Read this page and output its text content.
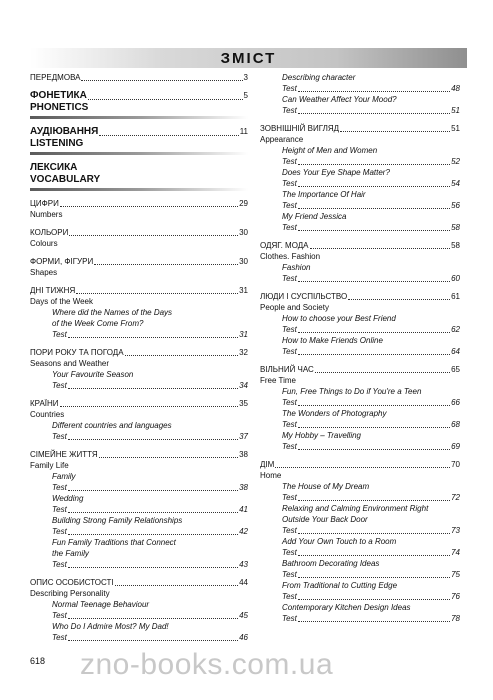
ЗМІСТ
ПЕРЕДМОВА	3
ФОНЕТИКА	5
PHONETICS
АУДІЮВАННЯ	11
LISTENING
ЛЕКСИКА
VOCABULARY
ЦИФРИ	29
Numbers
КОЛЬОРИ	30
Colours
ФОРМИ, ФІГУРИ	30
Shapes
ДНІ ТИЖНЯ	31
Days of the Week
Where did the Names of the Days
of the Week Come From?
Test	31
ПОРИ РОКУ ТА ПОГОДА	32
Seasons and Weather
Your Favourite Season
Test	34
КРАЇНИ	35
Countries
Different countries and languages
Test	37
СІМЕЙНЕ ЖИТТЯ	38
Family Life
Family
Test	38
Wedding
Test	41
Building Strong Family Relationships
Test	42
Fun Family Traditions that Connect
the Family
Test	43
ОПИС ОСОБИСТОСТІ	44
Describing Personality
Normal Teenage Behaviour
Test	45
Who Do I Admire Most? My Dad!
Test	46
Describing character
Test	48
Can Weather Affect Your Mood?
Test	51
ЗОВНІШНІЙ ВИГЛЯД	51
Appearance
Height of Men and Women
Test	52
Does Your Eye Shape Matter?
Test	54
The Importance Of Hair
Test	56
My Friend Jessica
Test	58
ОДЯГ. МОДА	58
Clothes. Fashion
Fashion
Test	60
ЛЮДИ І СУСПІЛЬСТВО	61
People and Society
How to choose your Best Friend
Test	62
How to Make Friends Online
Test	64
ВІЛЬНИЙ ЧАС	65
Free Time
Fun, Free Things to Do if You're a Teen
Test	66
The Wonders of Photography
Test	68
My Hobby – Travelling
Test	69
ДІМ	70
Home
The House of My Dream
Test	72
Relaxing and Calming Environment Right
Outside Your Back Door
Test	73
Add Your Own Touch to a Room
Test	74
Bathroom Decorating Ideas
Test	75
From Traditional to Cutting Edge
Test	76
Contemporary Kitchen Design Ideas
Test	78
618 zno-books.com.ua
